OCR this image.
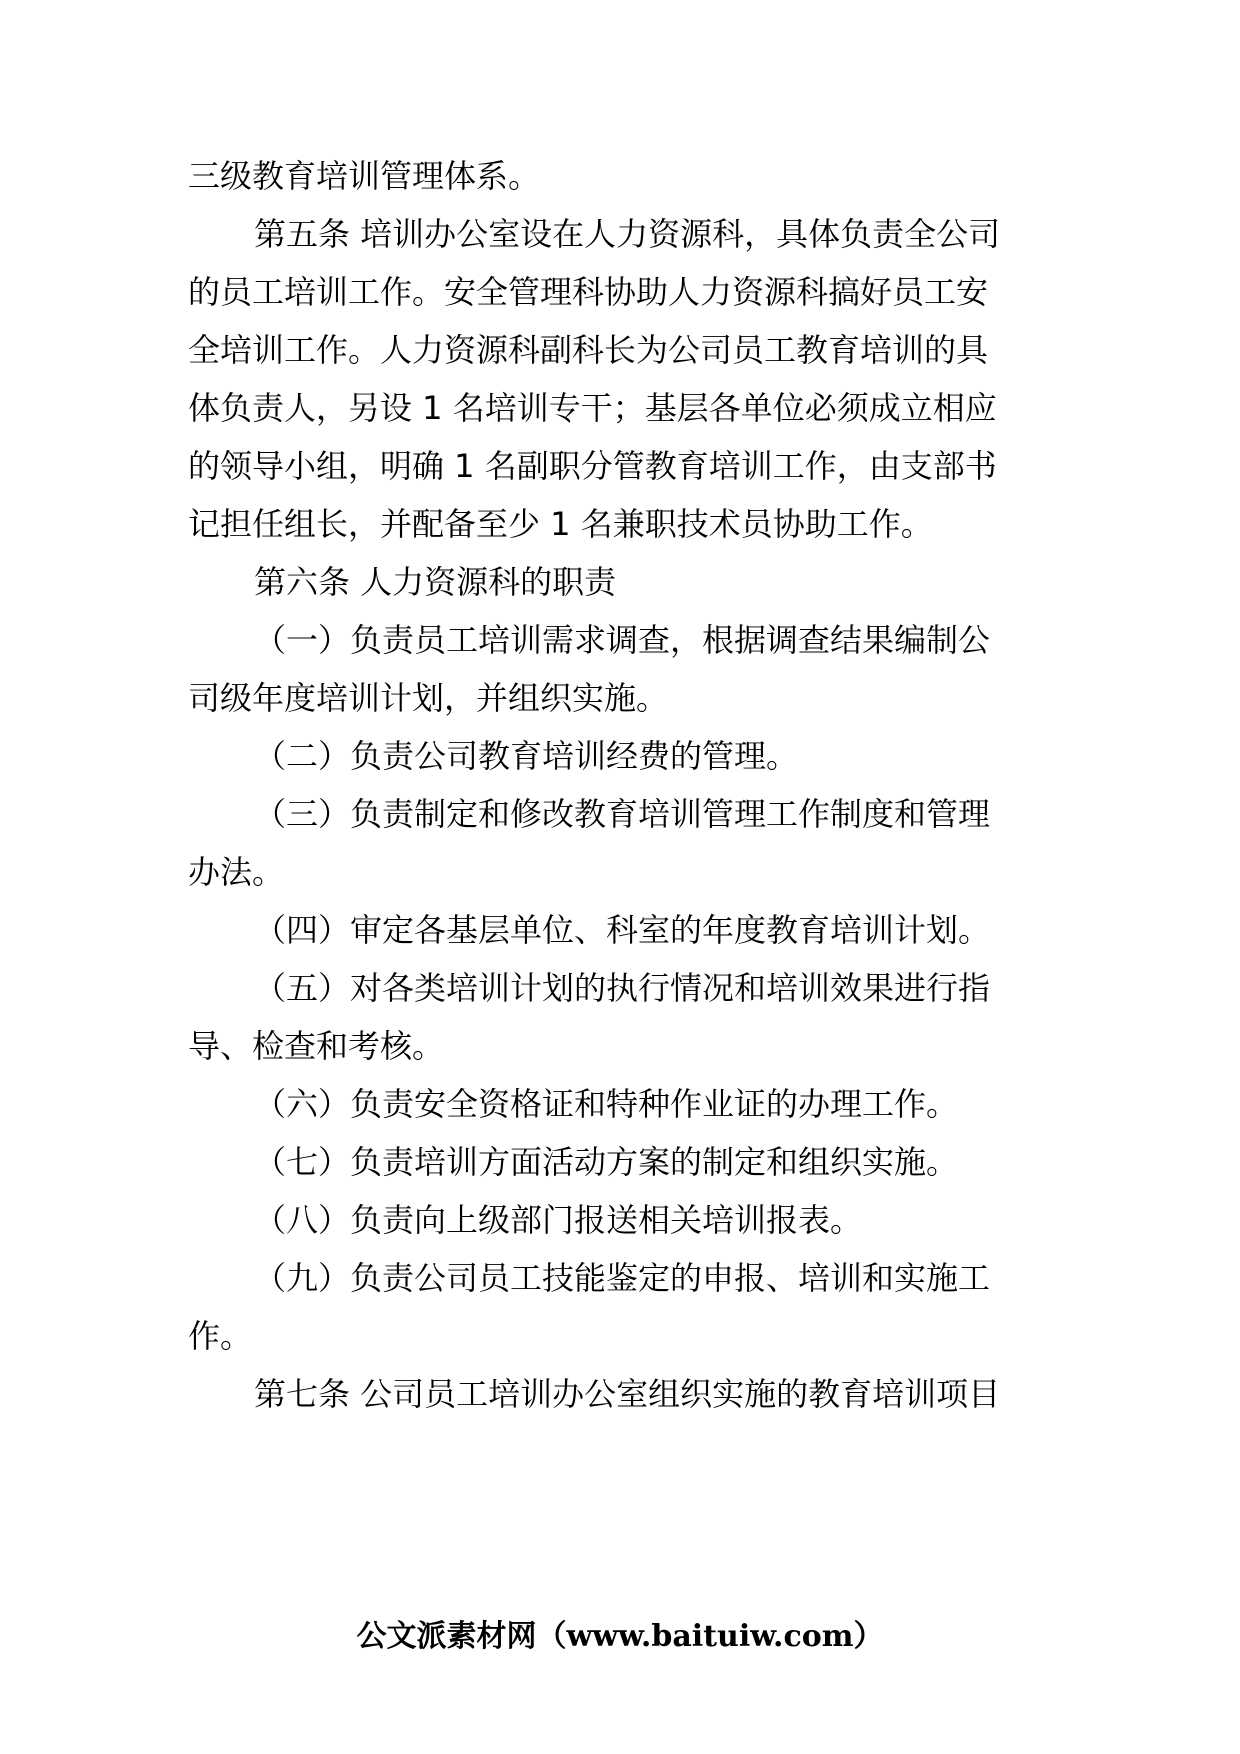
三级教育培训管理体系。
第五条 培训办公室设在人力资源科，具体负责全公司
的员工培训工作。安全管理科协助人力资源科搞好员工安
全培训工作。人力资源科副科长为公司员工教育培训的具
体负责人，另设 1 名培训专干；基层各单位必须成立相应
的领导小组，明确 1 名副职分管教育培训工作，由支部书
记担任组长，并配备至少 1 名兼职技术员协助工作。
第六条 人力资源科的职责
（一）负责员工培训需求调查，根据调查结果编制公
司级年度培训计划，并组织实施。
（二）负责公司教育培训经费的管理。
（三）负责制定和修改教育培训管理工作制度和管理
办法。
（四）审定各基层单位、科室的年度教育培训计划。
（五）对各类培训计划的执行情况和培训效果进行指
导、检查和考核。
（六）负责安全资格证和特种作业证的办理工作。
（七）负责培训方面活动方案的制定和组织实施。
（八）负责向上级部门报送相关培训报表。
（九）负责公司员工技能鉴定的申报、培训和实施工
作。
第七条 公司员工培训办公室组织实施的教育培训项目
公文派素材网（www.baituiw.com）
